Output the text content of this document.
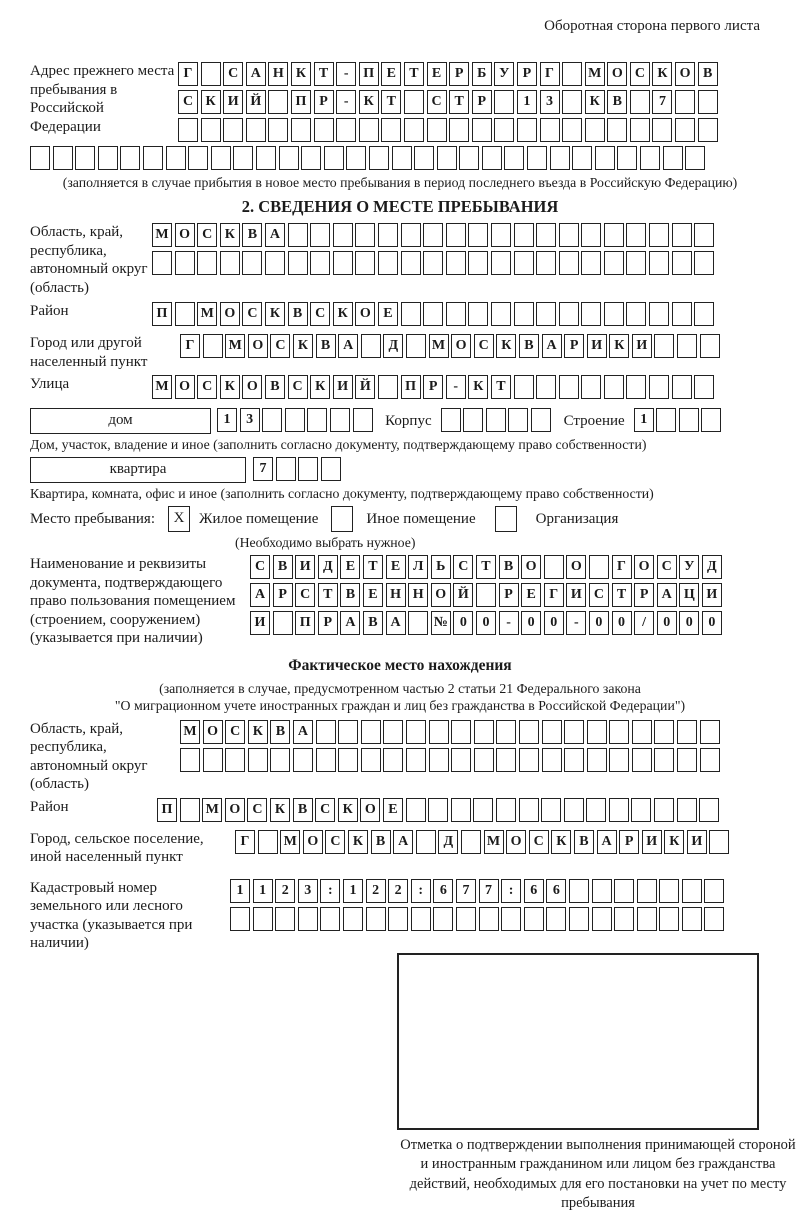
Оборотная сторона первого листа
Адрес прежнего места пребывания в Российской Федерации
Г	С А Н К Т - П Е Т Е Р Б У Р Г М О С К О В
С К И Й П Р - К Т	С Т Р	1 3	К В	7
(заполняется в случае прибытия в новое место пребывания в период последнего въезда в Российскую Федерацию)
2. СВЕДЕНИЯ О МЕСТЕ ПРЕБЫВАНИЯ
Область, край, республика, автономный округ (область)
М О С К В А
Район	П М О С К В С К О Е
Город или другой населенный пункт
Г М О С К В А	Д М О С К В А Р И К И
Улица	М О С К О В С К И Й П Р - К Т
дом	1 3	Корпус	Строение	1
Дом, участок, владение и иное (заполнить согласно документу, подтверждающему право собственности)
квартира	7
Квартира, комната, офис и иное (заполнить согласно документу, подтверждающему право собственности)
Место пребывания:	X Жилое помещение	Иное помещение	Организация
(Необходимо выбрать нужное)
Наименование и реквизиты документа, подтверждающего право пользования помещением (строением, сооружением) (указывается при наличии)
С В И Д Е Т Е Л Ь С Т В О О	Г О С У Д
А Р С Т В Е Н Н О Й	Р Е Г И С Т Р А Ц И
И П Р А В А № 0 0 - 0 0 - 0 0 / 0 0 0
Фактическое место нахождения
(заполняется в случае, предусмотренном частью 2 статьи 21 Федерального закона
"О миграционном учете иностранных граждан и лиц без гражданства в Российской Федерации")
Область, край, республика, автономный округ (область)
М О С К В А
Район	П М О С К В С К О Е
Город, сельское поселение, иной населенный пункт
Г М О С К В А	Д М О С К В А Р И К И
Кадастровый номер земельного или лесного участка (указывается при наличии)
1 1 2 3 : 1 2 2 : 6 7 7 : 6 6
Отметка о подтверждении выполнения принимающей стороной и иностранным гражданином или лицом без гражданства действий, необходимых для его постановки на учет по месту пребывания
